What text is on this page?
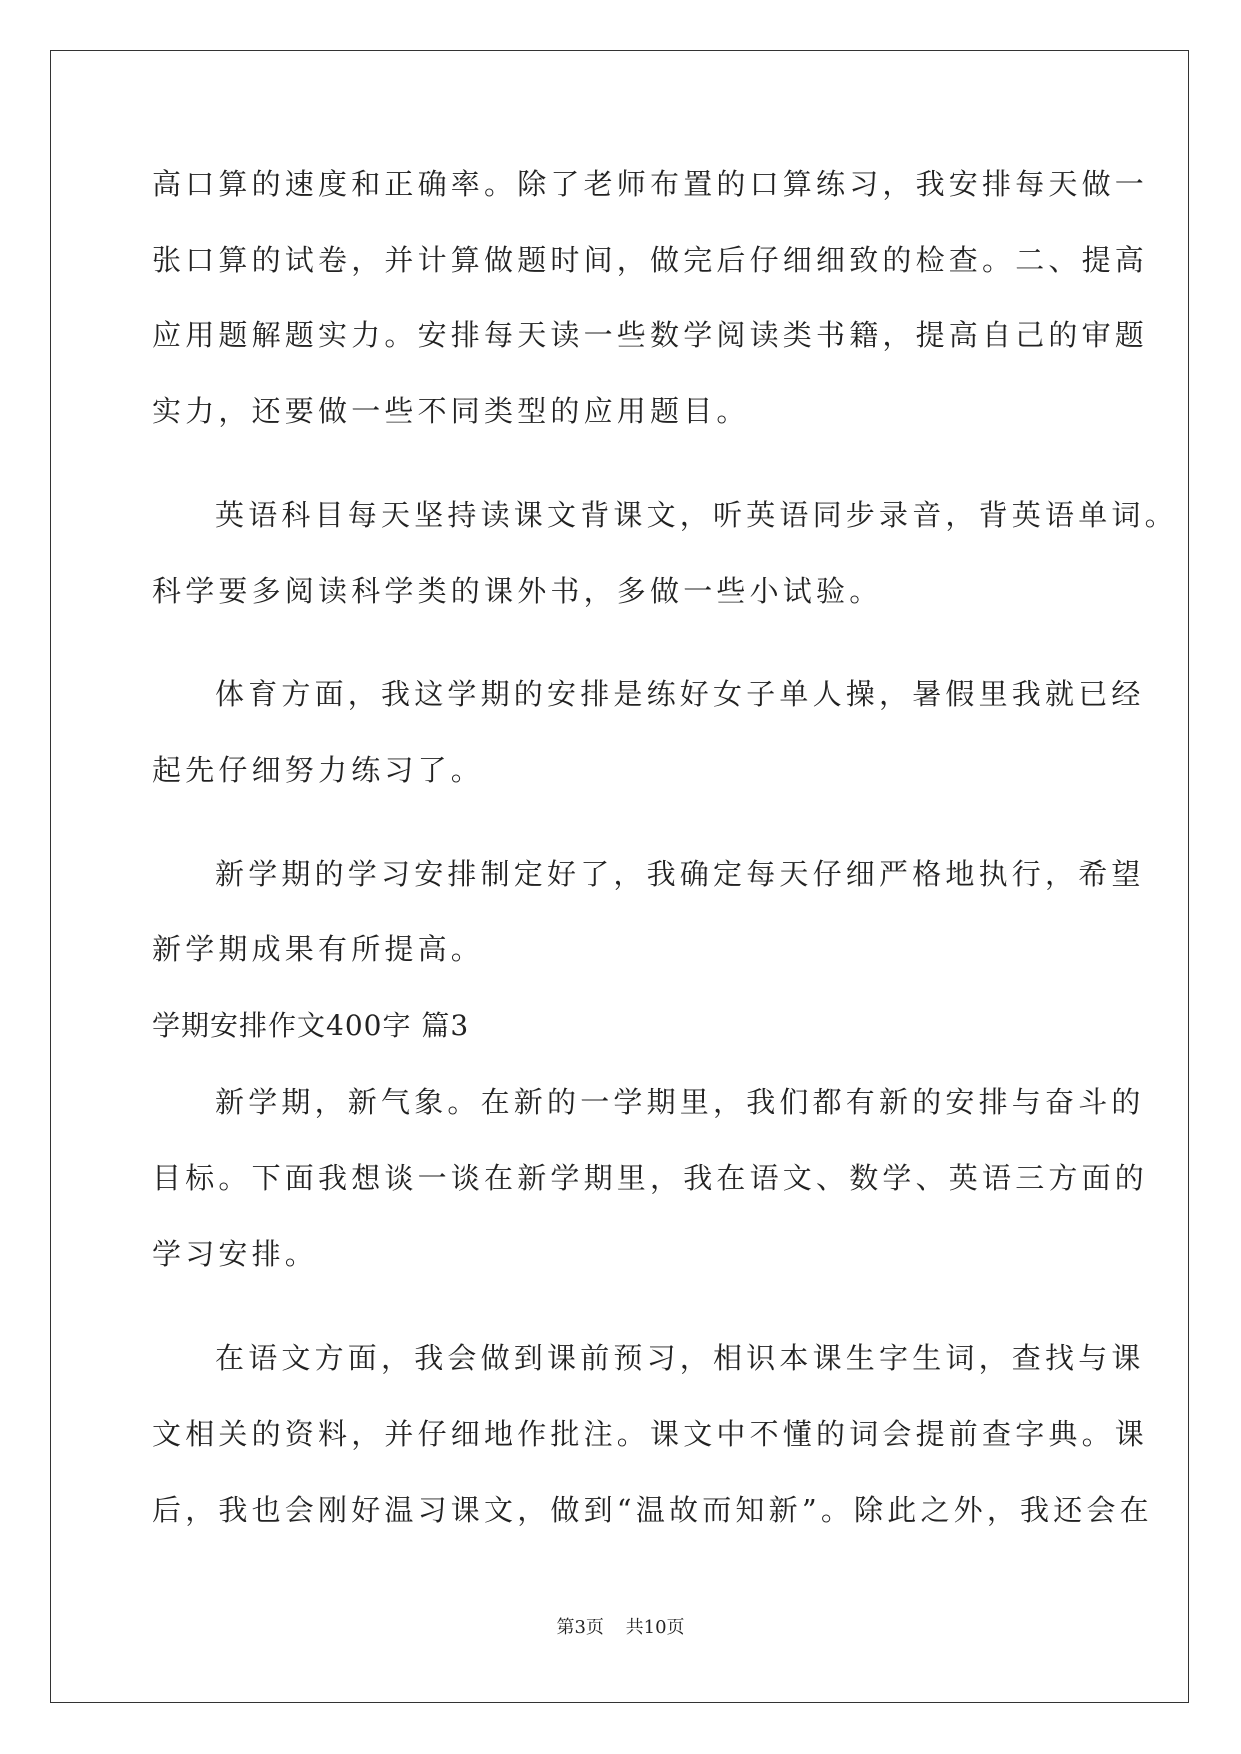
高口算的速度和正确率。除了老师布置的口算练习，我安排每天做一
张口算的试卷，并计算做题时间，做完后仔细细致的检查。二、提高
应用题解题实力。安排每天读一些数学阅读类书籍，提高自己的审题
实力，还要做一些不同类型的应用题目。
英语科目每天坚持读课文背课文，听英语同步录音，背英语单词。
科学要多阅读科学类的课外书，多做一些小试验。
体育方面，我这学期的安排是练好女子单人操，暑假里我就已经
起先仔细努力练习了。
新学期的学习安排制定好了，我确定每天仔细严格地执行，希望
新学期成果有所提高。
学期安排作文400字 篇3
新学期，新气象。在新的一学期里，我们都有新的安排与奋斗的
目标。下面我想谈一谈在新学期里，我在语文、数学、英语三方面的
学习安排。
在语文方面，我会做到课前预习，相识本课生字生词，查找与课
文相关的资料，并仔细地作批注。课文中不懂的词会提前查字典。课
后，我也会刚好温习课文，做到“温故而知新”。除此之外，我还会在
第3页 共10页
